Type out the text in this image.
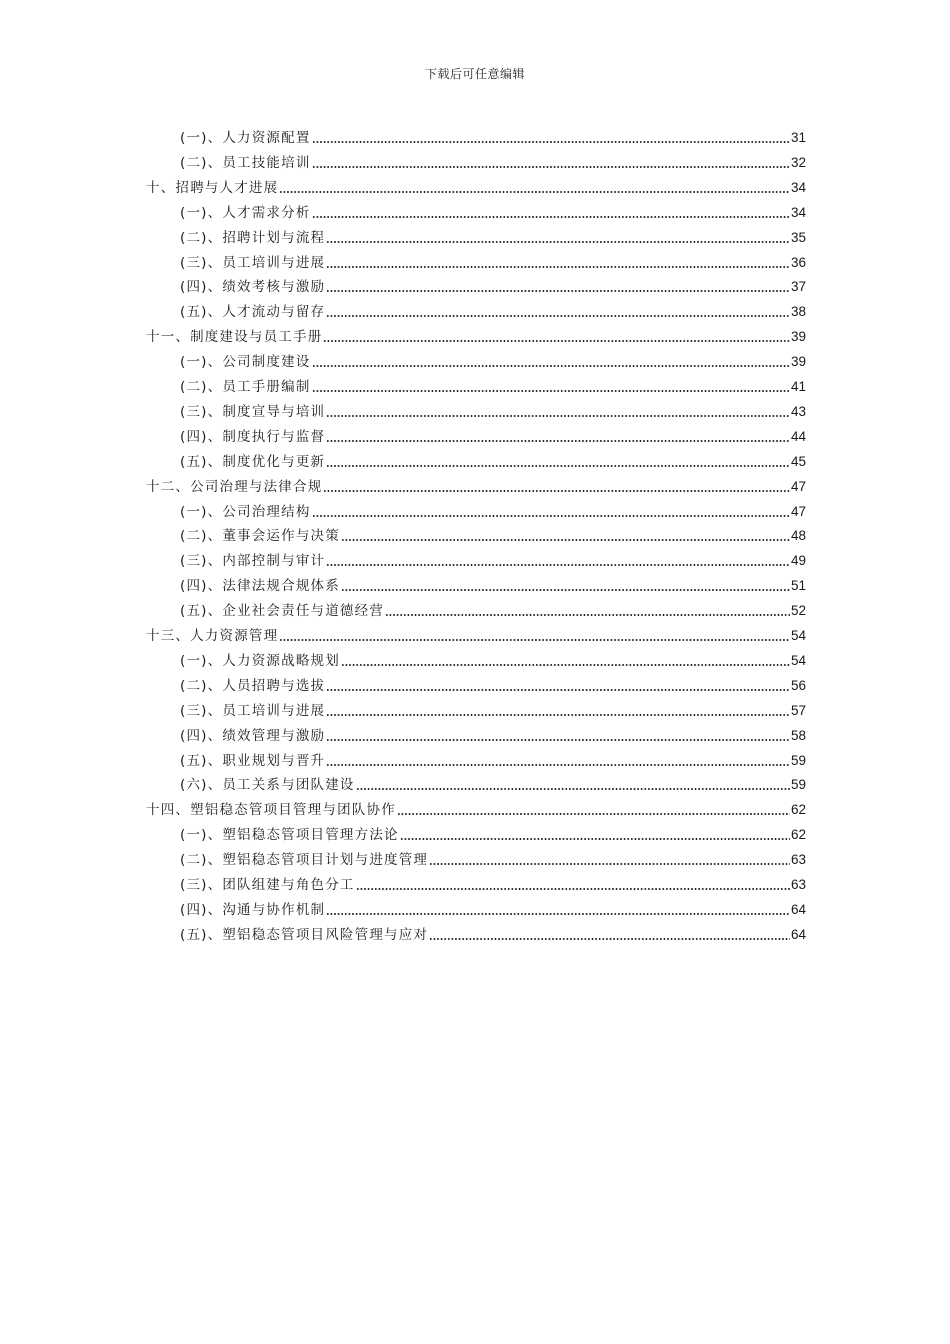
下载后可任意编辑
(一)、人力资源配置	31
(二)、员工技能培训	32
十、招聘与人才进展	34
(一)、人才需求分析	34
(二)、招聘计划与流程	35
(三)、员工培训与进展	36
(四)、绩效考核与激励	37
(五)、人才流动与留存	38
十一、制度建设与员工手册	39
(一)、公司制度建设	39
(二)、员工手册编制	41
(三)、制度宣导与培训	43
(四)、制度执行与监督	44
(五)、制度优化与更新	45
十二、公司治理与法律合规	47
(一)、公司治理结构	47
(二)、董事会运作与决策	48
(三)、内部控制与审计	49
(四)、法律法规合规体系	51
(五)、企业社会责任与道德经营	52
十三、人力资源管理	54
(一)、人力资源战略规划	54
(二)、人员招聘与选拔	56
(三)、员工培训与进展	57
(四)、绩效管理与激励	58
(五)、职业规划与晋升	59
(六)、员工关系与团队建设	59
十四、塑铝稳态管项目管理与团队协作	62
(一)、塑铝稳态管项目管理方法论	62
(二)、塑铝稳态管项目计划与进度管理	63
(三)、团队组建与角色分工	63
(四)、沟通与协作机制	64
(五)、塑铝稳态管项目风险管理与应对	64
